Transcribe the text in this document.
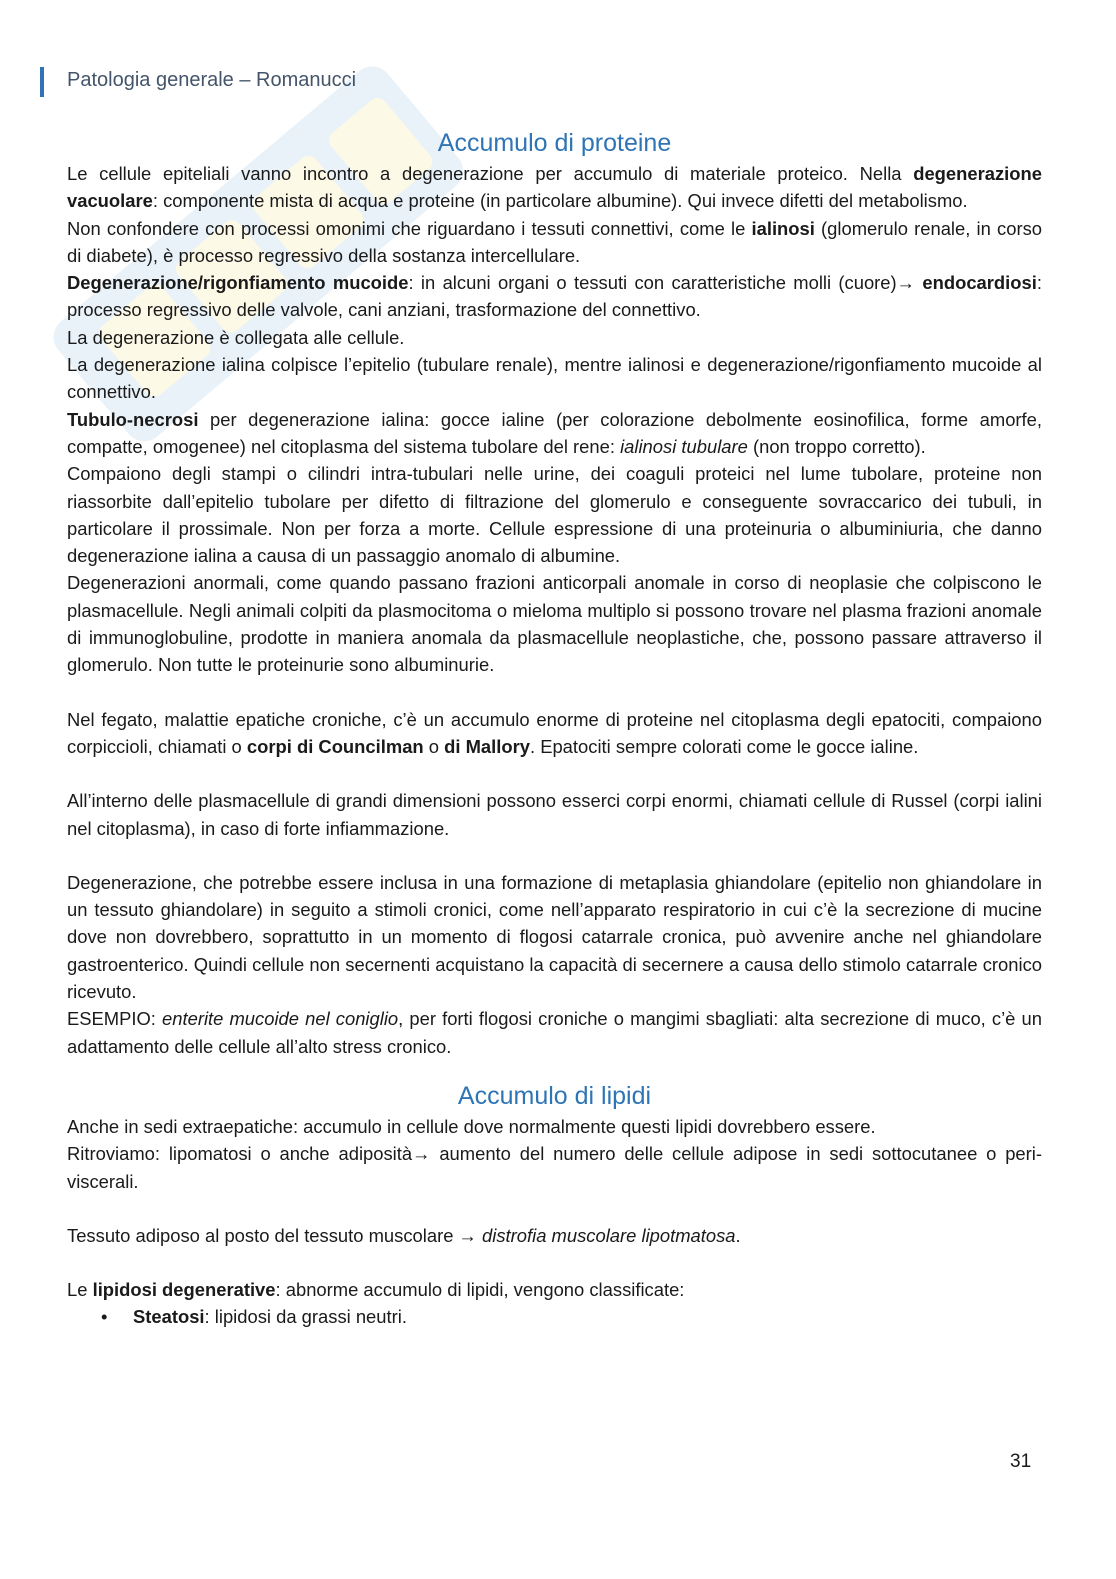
Patologia generale – Romanucci
Accumulo di proteine

Le cellule epiteliali vanno incontro a degenerazione per accumulo di materiale proteico. Nella degenerazione vacuolare: componente mista di acqua e proteine (in particolare albumine). Qui invece difetti del metabolismo.

Non confondere con processi omonimi che riguardano i tessuti connettivi, come le ialinosi (glomerulo renale, in corso di diabete), è processo regressivo della sostanza intercellulare.

Degenerazione/rigonfiamento mucoide: in alcuni organi o tessuti con caratteristiche molli (cuore)→ endocardiosi: processo regressivo delle valvole, cani anziani, trasformazione del connettivo.

La degenerazione è collegata alle cellule.

La degenerazione ialina colpisce l’epitelio (tubulare renale), mentre ialinosi e degenerazione/rigonfiamento mucoide al connettivo.

Tubulo-necrosi per degenerazione ialina: gocce ialine (per colorazione debolmente eosinofilica, forme amorfe, compatte, omogenee) nel citoplasma del sistema tubolare del rene: ialinosi tubulare (non troppo corretto).

Compaiono degli stampi o cilindri intra-tubulari nelle urine, dei coaguli proteici nel lume tubolare, proteine non riassorbite dall’epitelio tubolare per difetto di filtrazione del glomerulo e conseguente sovraccarico dei tubuli, in particolare il prossimale. Non per forza a morte. Cellule espressione di una proteinuria o albuminiuria, che danno degenerazione ialina a causa di un passaggio anomalo di albumine.

Degenerazioni anormali, come quando passano frazioni anticorpali anomale in corso di neoplasie che colpiscono le plasmacellule. Negli animali colpiti da plasmocitoma o mieloma multiplo si possono trovare nel plasma frazioni anomale di immunoglobuline, prodotte in maniera anomala da plasmacellule neoplastiche, che, possono passare attraverso il glomerulo. Non tutte le proteinurie sono albuminurie.

Nel fegato, malattie epatiche croniche, c’è un accumulo enorme di proteine nel citoplasma degli epatociti, compaiono corpicciolі, chiamati o corpi di Councilman o di Mallory. Epatociti sempre colorati come le gocce ialine.

All’interno delle plasmacellule di grandi dimensioni possono esserci corpi enormi, chiamati cellule di Russel (corpi ialini nel citoplasma), in caso di forte infiammazione.

Degenerazione, che potrebbe essere inclusa in una formazione di metaplasia ghiandolare (epitelio non ghiandolare in un tessuto ghiandolare) in seguito a stimoli cronici, come nell’apparato respiratorio in cui c’è la secrezione di mucine dove non dovrebbero, soprattutto in un momento di flogosi catarrale cronica, può avvenire anche nel ghiandolare gastroenterico. Quindi cellule non secernenti acquistano la capacità di secernere a causa dello stimolo catarrale cronico ricevuto.

ESEMPIO: enterite mucoide nel coniglio, per forti flogosi croniche o mangimi sbagliati: alta secrezione di muco, c’è un adattamento delle cellule all’alto stress cronico.

Accumulo di lipidi

Anche in sedi extraepatiche: accumulo in cellule dove normalmente questi lipidi dovrebbero essere.

Ritroviamo: lipomatosi o anche adiposità→ aumento del numero delle cellule adipose in sedi sottocutanee o peri-viscerali.

Tessuto adiposo al posto del tessuto muscolare → distrofia muscolare lipotmatosa.

Le lipidosi degenerative: abnorme accumulo di lipidi, vengono classificate:

• Steatosi: lipidosi da grassi neutri.
31
